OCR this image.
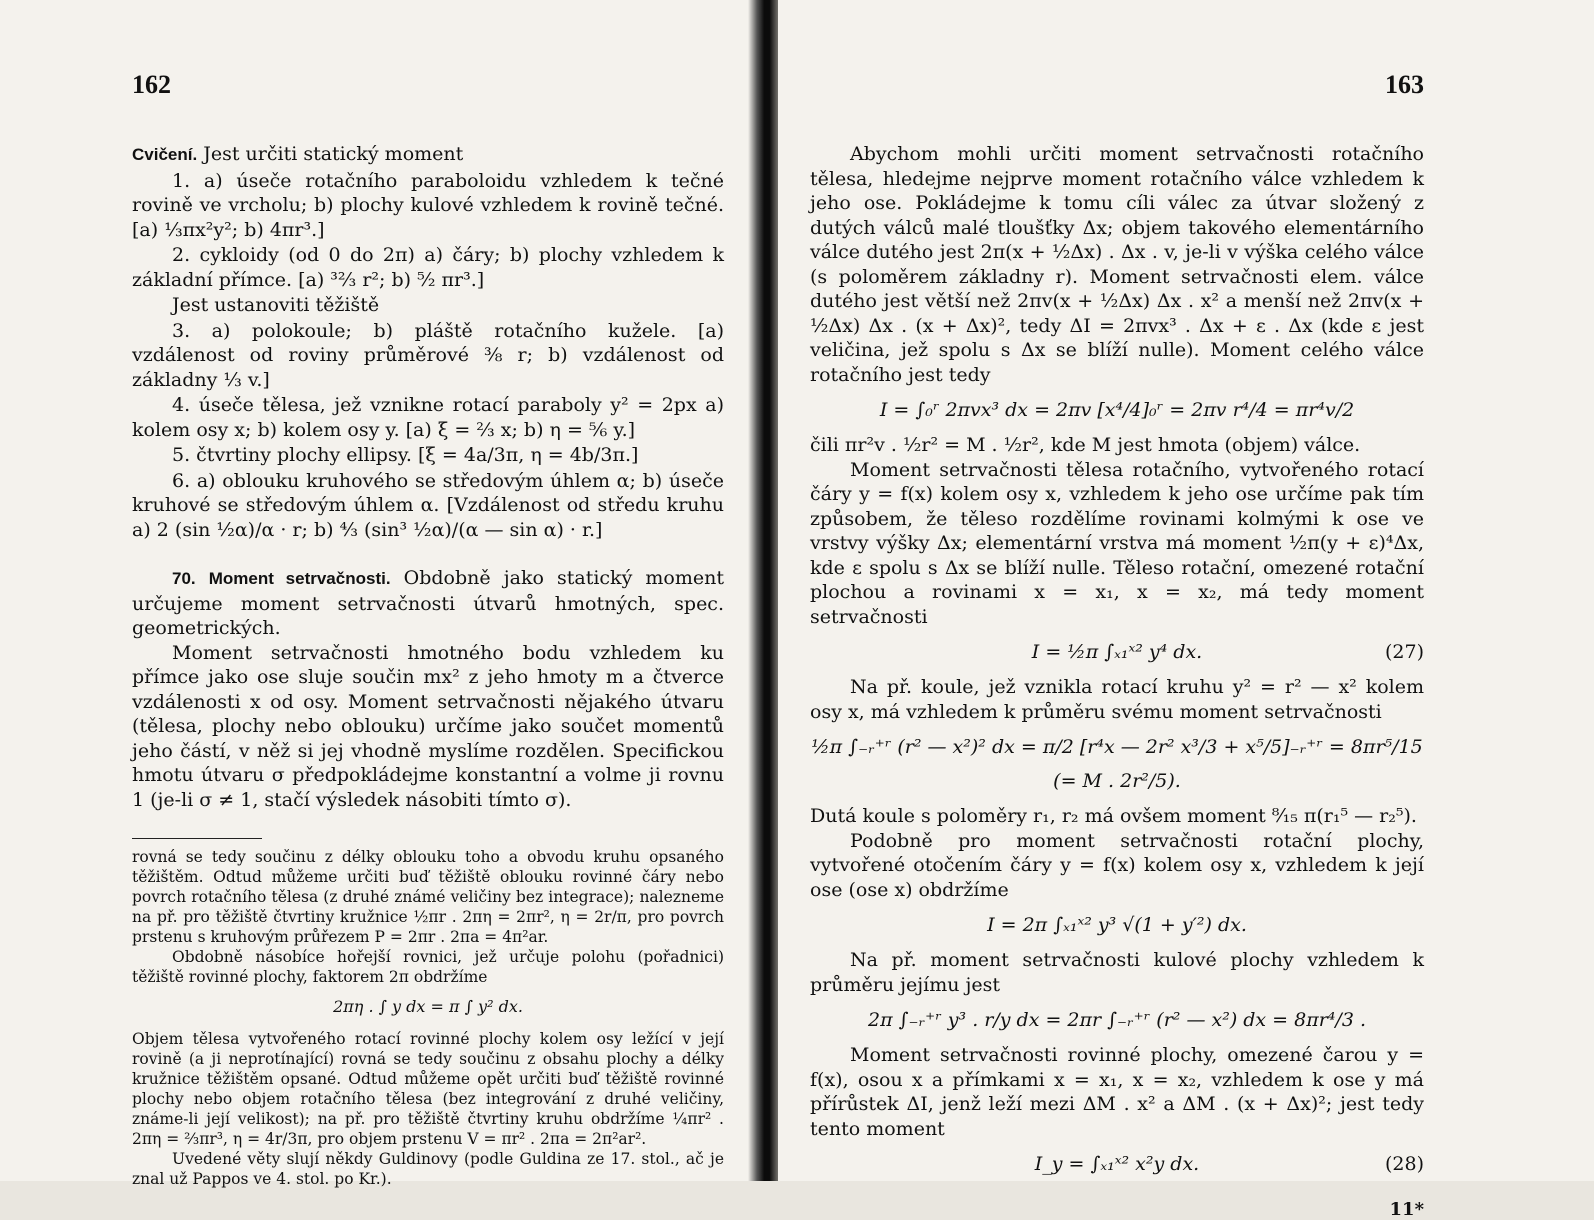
162

Cvičení. Jest určiti statický moment

1. a) úseče rotačního paraboloidu vzhledem k tečné rovině ve vrcholu; b) plochy kulové vzhledem k rovině tečné. [a) ⅓πx²y²; b) 4πr³.]

2. cykloidy (od 0 do 2π) a) čáry; b) plochy vzhledem k základní přímce. [a) ³²⁄₃ r²; b) ⁵⁄₂ πr³.]

Jest ustanoviti těžiště

3. a) polokoule; b) pláště rotačního kužele. [a) vzdálenost od roviny průměrové ⅜ r; b) vzdálenost od základny ⅓ v.]

4. úseče tělesa, jež vznikne rotací paraboly y² = 2px a) kolem osy x; b) kolem osy y. [a) ξ = ⅔ x; b) η = ⅚ y.]

5. čtvrtiny plochy ellipsy. [ξ = 4a/3π, η = 4b/3π.]

6. a) oblouku kruhového se středovým úhlem α; b) úseče kruhové se středovým úhlem α. [Vzdálenost od středu kruhu a) 2 (sin ½α)/α · r; b) ⁴⁄₃ (sin³ ½α)/(α — sin α) · r.]

70. Moment setrvačnosti. Obdobně jako statický moment určujeme moment setrvačnosti útvarů hmotných, spec. geometrických.

Moment setrvačnosti hmotného bodu vzhledem ku přímce jako ose sluje součin mx² z jeho hmoty m a čtverce vzdálenosti x od osy. Moment setrvačnosti nějakého útvaru (tělesa, plochy nebo oblouku) určíme jako součet momentů jeho částí, v něž si jej vhodně myslíme rozdělen. Specifickou hmotu útvaru σ předpokládejme konstantní a volme ji rovnu 1 (je-li σ ≠ 1, stačí výsledek násobiti tímto σ).

rovná se tedy součinu z délky oblouku toho a obvodu kruhu opsaného těžištěm. Odtud můžeme určiti buď těžiště oblouku rovinné čáry nebo povrch rotačního tělesa (z druhé známé veličiny bez integrace); nalezneme na př. pro těžiště čtvrtiny kružnice ½πr . 2πη = 2πr², η = 2r/π, pro povrch prstenu s kruhovým průřezem P = 2πr . 2πa = 4π²ar.
Obdobně násobíce hořejší rovnici, jež určuje polohu (pořadnici) těžiště rovinné plochy, faktorem 2π obdržíme
2πη . ∫ y dx = π ∫ y² dx.
Objem tělesa vytvořeného rotací rovinné plochy kolem osy ležící v její rovině (a ji neprotínající) rovná se tedy součinu z obsahu plochy a délky kružnice těžištěm opsané. Odtud můžeme opět určiti buď těžiště rovinné plochy nebo objem rotačního tělesa (bez integrování z druhé veličiny, známe-li její velikost); na př. pro těžiště čtvrtiny kruhu obdržíme ¼πr² . 2πη = ⅔πr³, η = 4r/3π, pro objem prstenu V = πr² . 2πa = 2π²ar².
Uvedené věty slují někdy Guldinovy (podle Guldina ze 17. stol., ač je znal už Pappos ve 4. stol. po Kr.).
163

Abychom mohli určiti moment setrvačnosti rotačního tělesa, hledejme nejprve moment rotačního válce vzhledem k jeho ose. Pokládejme k tomu cíli válec za útvar složený z dutých válců malé tloušťky Δx; objem takového elementárního válce dutého jest 2π(x + ½Δx) . Δx . v, je-li v výška celého válce (s poloměrem základny r). Moment setrvačnosti elem. válce dutého jest větší než 2πv(x + ½Δx) Δx . x² a menší než 2πv(x + ½Δx) Δx . (x + Δx)², tedy ΔI = 2πvx³ . Δx + ε . Δx (kde ε jest veličina, jež spolu s Δx se blíží nulle). Moment celého válce rotačního jest tedy

I = ∫₀ʳ 2πvx³ dx = 2πv [x⁴/4]₀ʳ = 2πv r⁴/4 = πr⁴v/2

čili πr²v . ½r² = M . ½r², kde M jest hmota (objem) válce.

Moment setrvačnosti tělesa rotačního, vytvořeného rotací čáry y = f(x) kolem osy x, vzhledem k jeho ose určíme pak tím způsobem, že těleso rozdělíme rovinami kolmými k ose ve vrstvy výšky Δx; elementární vrstva má moment ½π(y + ε)⁴Δx, kde ε spolu s Δx se blíží nulle. Těleso rotační, omezené rotační plochou a rovinami x = x₁, x = x₂, má tedy moment setrvačnosti

I = ½π ∫ₓ₁ˣ² y⁴ dx.	(27)

Na př. koule, jež vznikla rotací kruhu y² = r² — x² kolem osy x, má vzhledem k průměru svému moment setrvačnosti

½π ∫₋ᵣ⁺ʳ (r² — x²)² dx = π/2 [r⁴x — 2r² x³/3 + x⁵/5]₋ᵣ⁺ʳ = 8πr⁵/15 (= M . 2r²/5).

Dutá koule s poloměry r₁, r₂ má ovšem moment ⁸⁄₁₅ π(r₁⁵ — r₂⁵).

Podobně pro moment setrvačnosti rotační plochy, vytvořené otočením čáry y = f(x) kolem osy x, vzhledem k její ose (ose x) obdržíme

I = 2π ∫ₓ₁ˣ² y³ √(1 + y′²) dx.

Na př. moment setrvačnosti kulové plochy vzhledem k průměru jejímu jest

2π ∫₋ᵣ⁺ʳ y³ . r/y dx = 2πr ∫₋ᵣ⁺ʳ (r² — x²) dx = 8πr⁴/3 .

Moment setrvačnosti rovinné plochy, omezené čarou y = f(x), osou x a přímkami x = x₁, x = x₂, vzhledem k ose y má přírůstek ΔI, jenž leží mezi ΔM . x² a ΔM . (x + Δx)²; jest tedy tento moment

I_y = ∫ₓ₁ˣ² x²y dx.	(28)
11*
